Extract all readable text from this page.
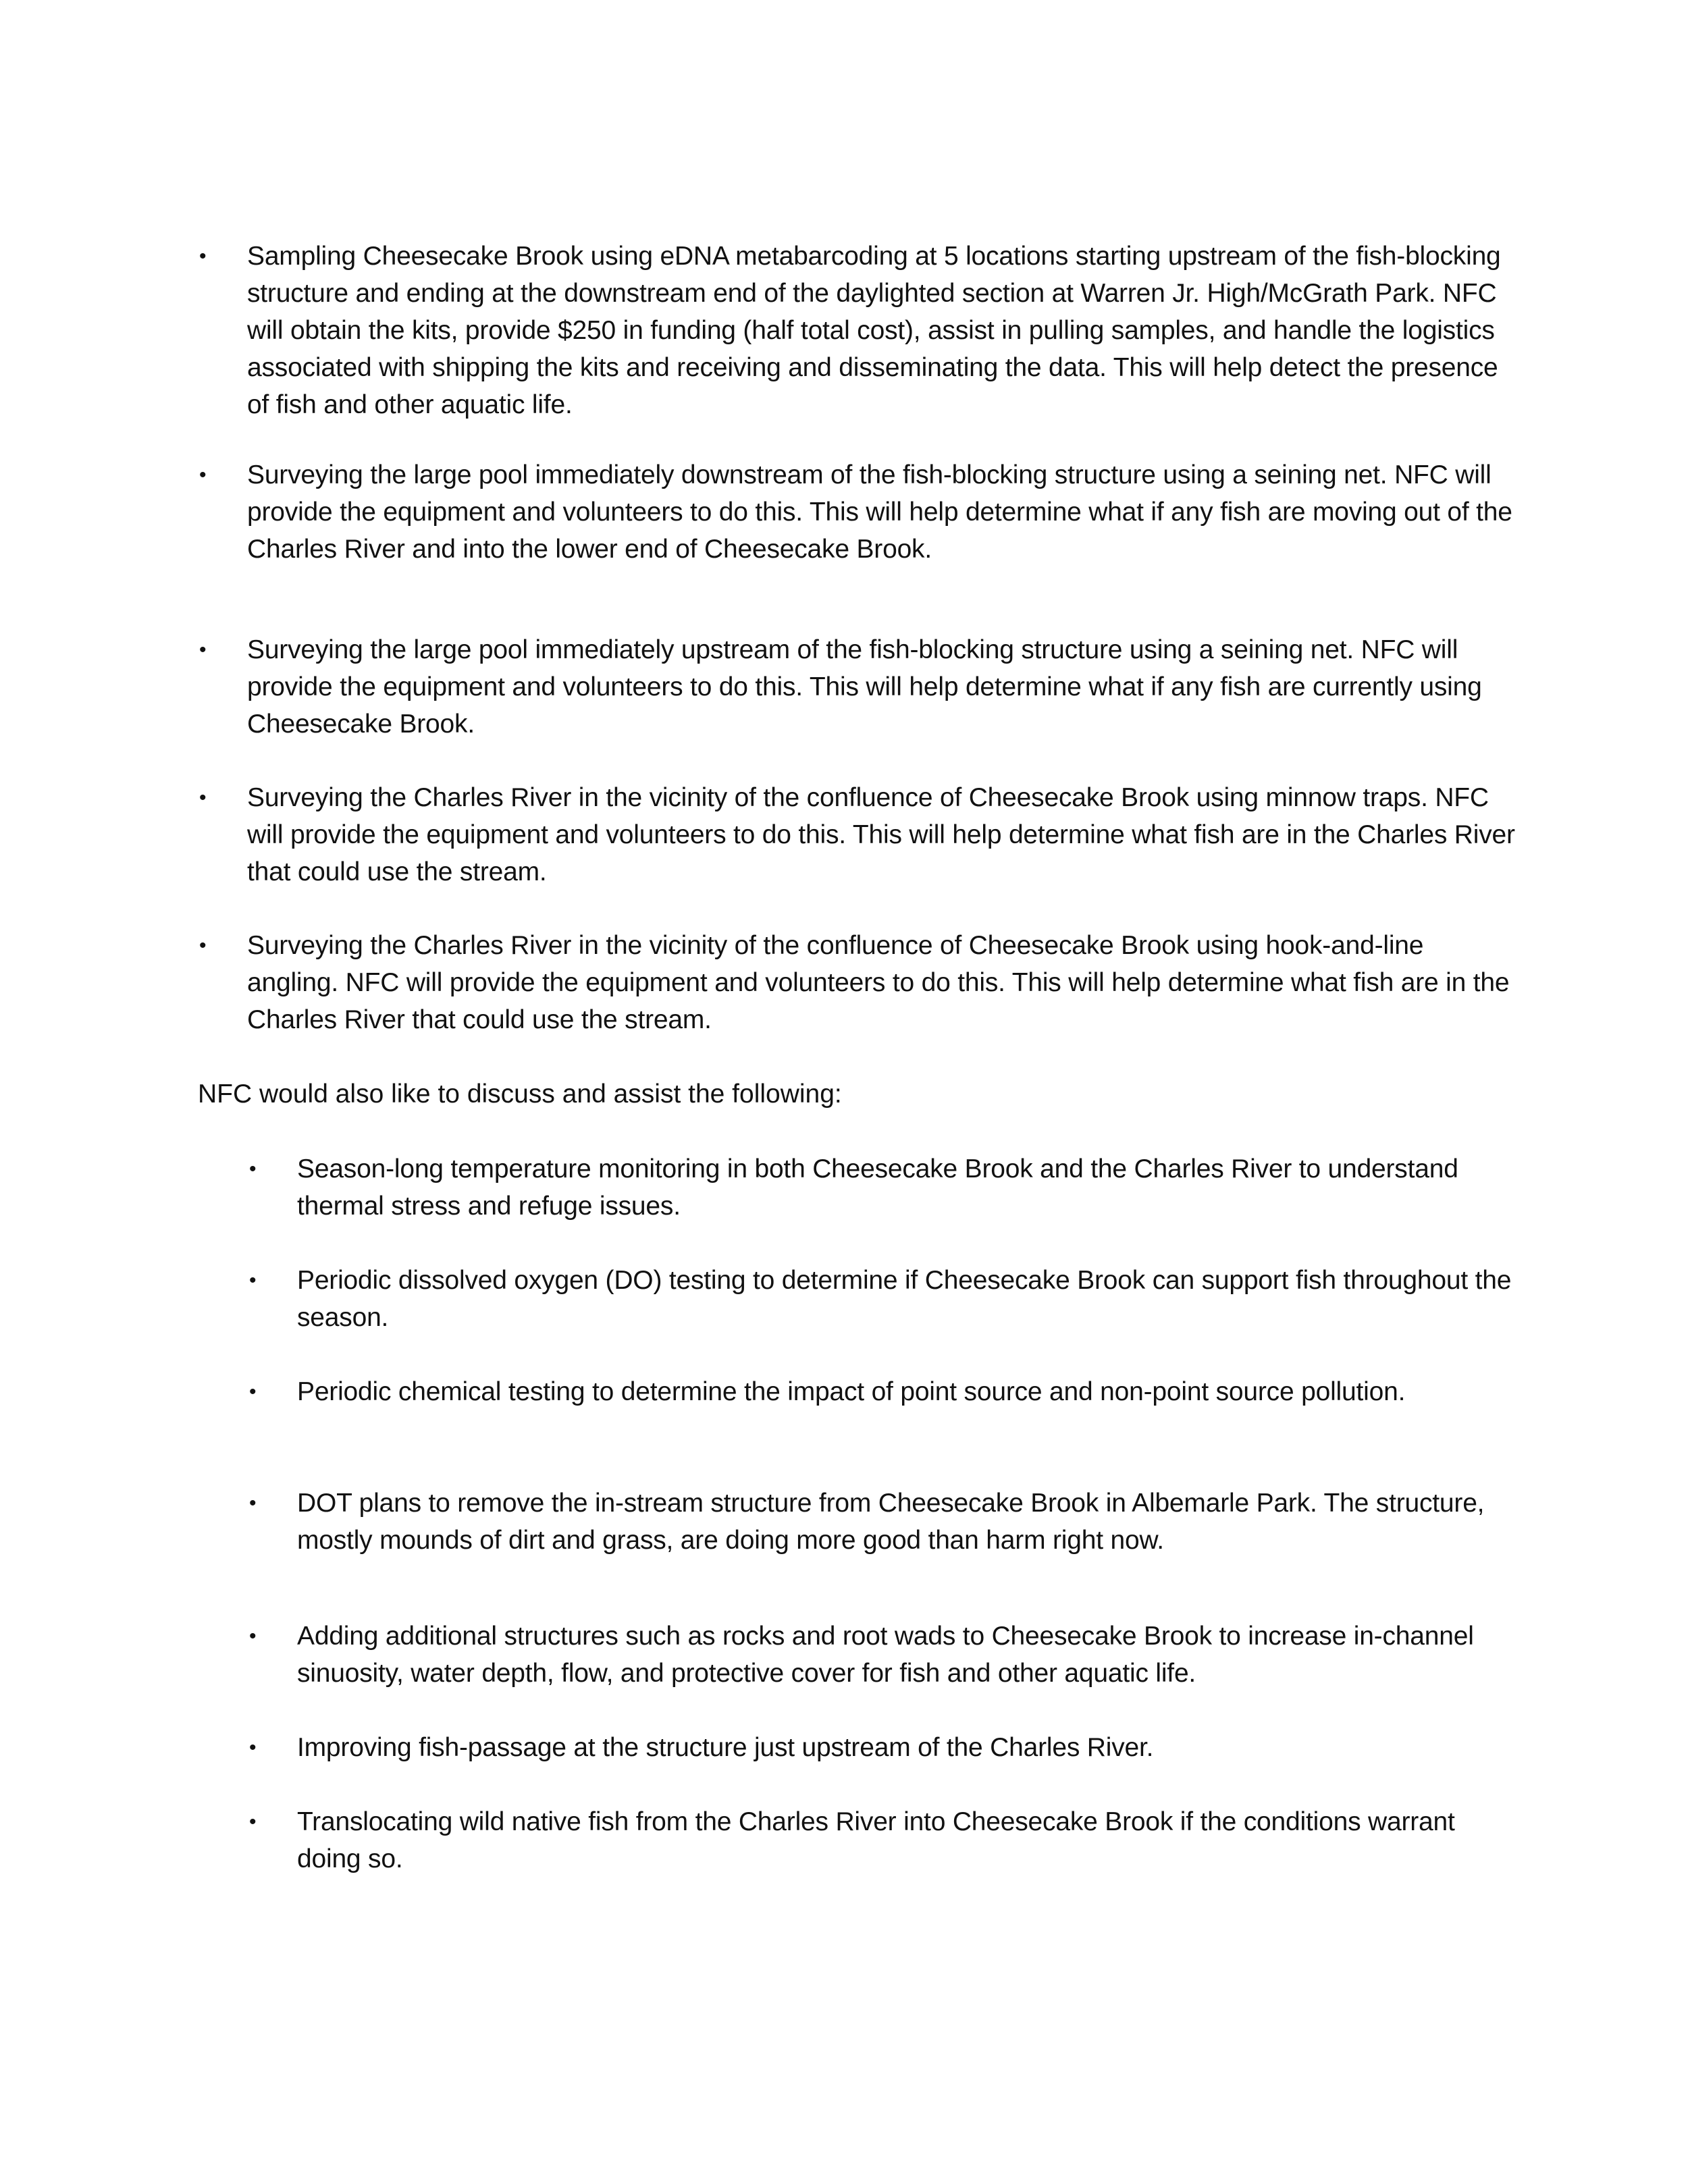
• Sampling Cheesecake Brook using eDNA metabarcoding at 5 locations starting upstream of the fish-blocking structure and ending at the downstream end of the daylighted section at Warren Jr. High/McGrath Park. NFC will obtain the kits, provide $250 in funding (half total cost), assist in pulling samples, and handle the logistics associated with shipping the kits and receiving and disseminating the data. This will help detect the presence of fish and other aquatic life.
• Surveying the large pool immediately downstream of the fish-blocking structure using a seining net. NFC will provide the equipment and volunteers to do this. This will help determine what if any fish are moving out of the Charles River and into the lower end of Cheesecake Brook.
• Surveying the large pool immediately upstream of the fish-blocking structure using a seining net. NFC will provide the equipment and volunteers to do this. This will help determine what if any fish are currently using Cheesecake Brook.
• Surveying the Charles River in the vicinity of the confluence of Cheesecake Brook using minnow traps. NFC will provide the equipment and volunteers to do this. This will help determine what fish are in the Charles River that could use the stream.
• Surveying the Charles River in the vicinity of the confluence of Cheesecake Brook using hook-and-line angling. NFC will provide the equipment and volunteers to do this. This will help determine what fish are in the Charles River that could use the stream.
NFC would also like to discuss and assist the following:
• Season-long temperature monitoring in both Cheesecake Brook and the Charles River to understand thermal stress and refuge issues.
• Periodic dissolved oxygen (DO) testing to determine if Cheesecake Brook can support fish throughout the season.
• Periodic chemical testing to determine the impact of point source and non-point source pollution.
• DOT plans to remove the in-stream structure from Cheesecake Brook in Albemarle Park. The structure, mostly mounds of dirt and grass, are doing more good than harm right now.
• Adding additional structures such as rocks and root wads to Cheesecake Brook to increase in-channel sinuosity, water depth, flow, and protective cover for fish and other aquatic life.
• Improving fish-passage at the structure just upstream of the Charles River.
• Translocating wild native fish from the Charles River into Cheesecake Brook if the conditions warrant doing so.
